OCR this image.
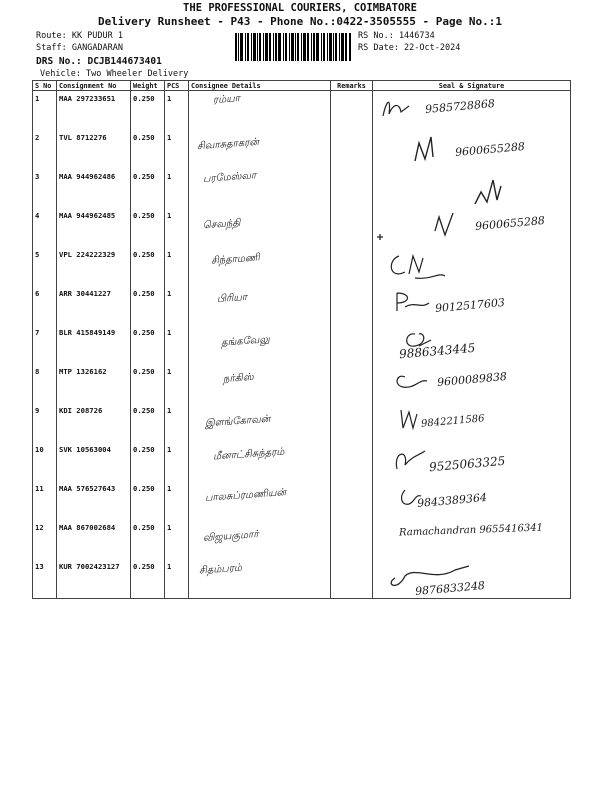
THE PROFESSIONAL COURIERS, COIMBATORE
Delivery Runsheet - P43 - Phone No.:0422-3505555 - Page No.:1
Route: KK PUDUR 1
Staff: GANGADARAN
DRS No.: DCJB144673401
Vehicle: Two Wheeler Delivery
RS No.: 1446734
RS Date: 22-Oct-2024
S No	Consignment No	Weight	PCS	Consignee Details	Remarks	Seal & Signature
1	MAA 297233651	0.250	1	ரம்யா		9585728868

2	TVL 8712276	0.250	1	சிவாசுதாகரன்		9600655288

3	MAA 944962486	0.250	1	பரமேஸ்வா		

4	MAA 944962485	0.250	1	செவந்தி		9600655288

5	VPL 224222329	0.250	1	சிந்தாமணி		

6	ARR 30441227	0.250	1	பிரியா		9012517603

7	BLR 415849149	0.250	1	தங்கவேலு		9886343445

8	MTP 1326162	0.250	1	நர்கிஸ்		9600089838

9	KDI 208726	0.250	1	இளங்கோவன்		9842211586

10	SVK 10563004	0.250	1	மீனாட்சிசுந்தரம்		9525063325

11	MAA 576527643	0.250	1	பாலசுப்ரமணியன்		9843389364

12	MAA 867002684	0.250	1	விஜயகுமார்		Ramachandran 9655416341

13	KUR 7002423127	0.250	1	சிதம்பரம்		9876833248
